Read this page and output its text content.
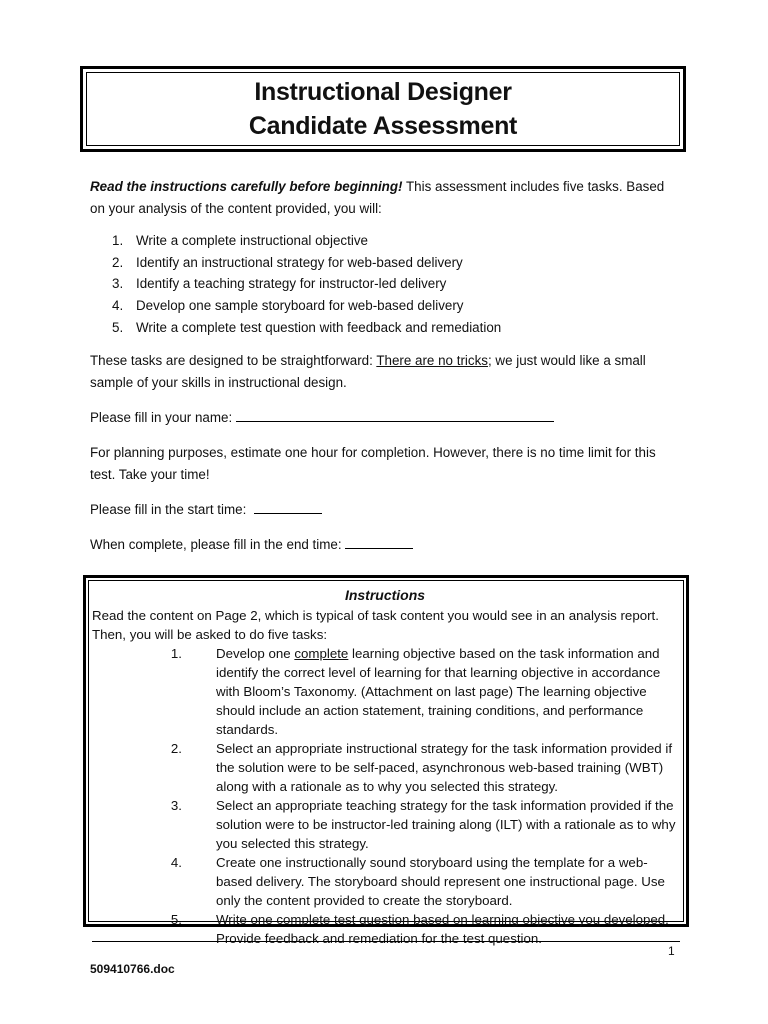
Instructional Designer
Candidate Assessment

Read the instructions carefully before beginning! This assessment includes five tasks. Based on your analysis of the content provided, you will:

1. Write a complete instructional objective
2. Identify an instructional strategy for web-based delivery
3. Identify a teaching strategy for instructor-led delivery
4. Develop one sample storyboard for web-based delivery
5. Write a complete test question with feedback and remediation

These tasks are designed to be straightforward: There are no tricks; we just would like a small sample of your skills in instructional design.

Please fill in your name:

For planning purposes, estimate one hour for completion. However, there is no time limit for this test. Take your time!

Please fill in the start time:

When complete, please fill in the end time:

Instructions

Read the content on Page 2, which is typical of task content you would see in an analysis report. Then, you will be asked to do five tasks:

1.	Develop one complete learning objective based on the task information and identify the correct level of learning for that learning objective in accordance with Bloom’s Taxonomy. (Attachment on last page) The learning objective should include an action statement, training conditions, and performance standards.
2.	Select an appropriate instructional strategy for the task information provided if the solution were to be self-paced, asynchronous web-based training (WBT) along with a rationale as to why you selected this strategy.
3.	Select an appropriate teaching strategy for the task information provided if the solution were to be instructor-led training along (ILT) with a rationale as to why you selected this strategy.
4.	Create one instructionally sound storyboard using the template for a web-based delivery. The storyboard should represent one instructional page. Use only the content provided to create the storyboard.
5.	Write one complete test question based on learning objective you developed. Provide feedback and remediation for the test question.
1
509410766.doc
